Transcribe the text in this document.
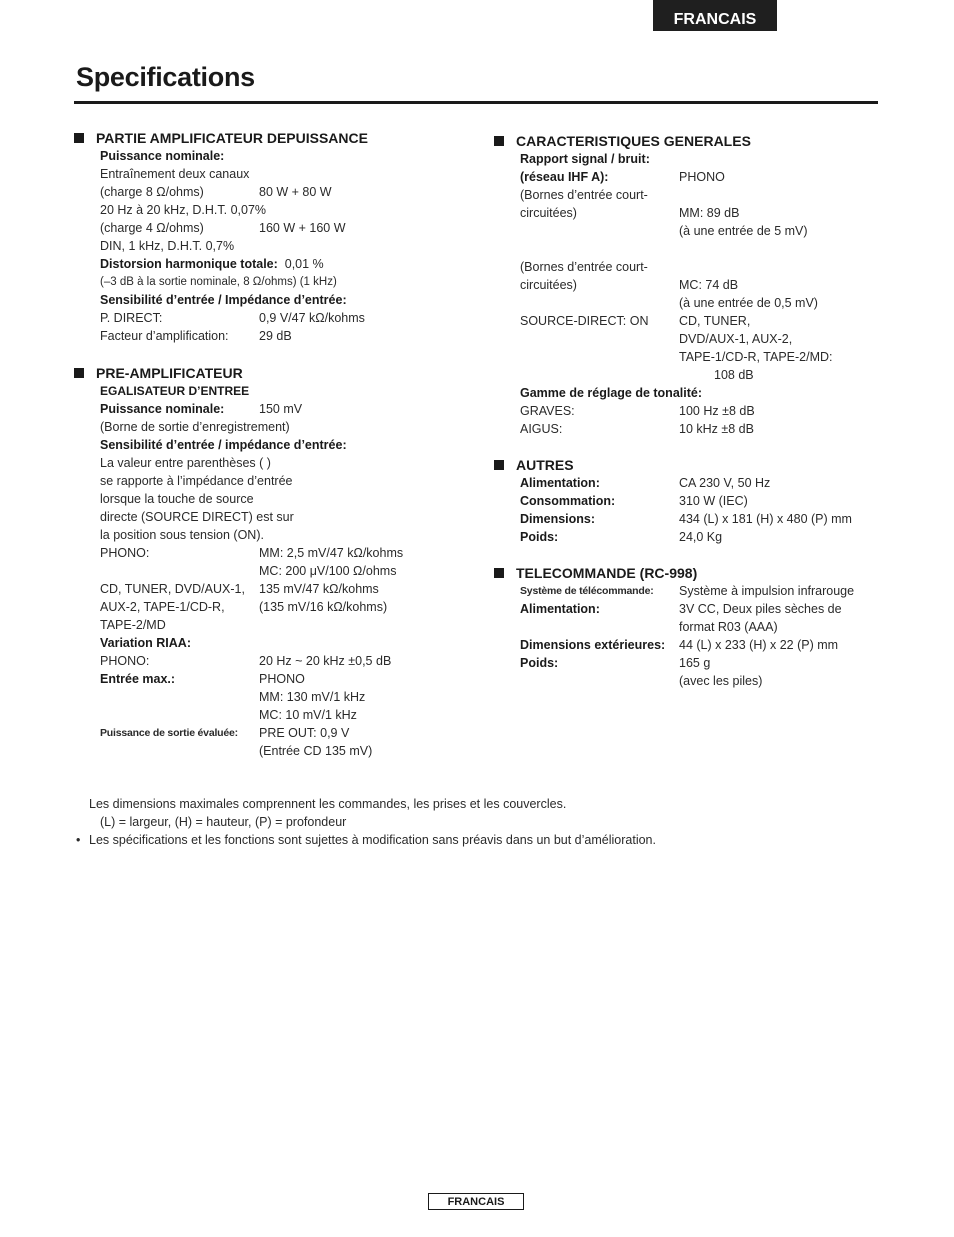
FRANCAIS
Specifications
PARTIE AMPLIFICATEUR DEPUISSANCE
Puissance nominale:
Entraînement deux canaux
(charge 8 Ω/ohms)	80 W + 80 W
20 Hz à 20 kHz, D.H.T. 0,07%
(charge 4 Ω/ohms)	160 W + 160 W
DIN, 1 kHz, D.H.T. 0,7%
Distorsion harmonique totale: 0,01 %
(–3 dB à la sortie nominale, 8 Ω/ohms) (1 kHz)
Sensibilité d’entrée / Impédance d’entrée:
P. DIRECT:	0,9 V/47 kΩ/kohms
Facteur d’amplification:	29 dB
PRE-AMPLIFICATEUR
EGALISATEUR D’ENTREE
Puissance nominale:	150 mV
(Borne de sortie d’enregistrement)
Sensibilité d’entrée / impédance d’entrée:
La valeur entre parenthèses ( )
se rapporte à l’impédance d’entrée
lorsque la touche de source
directe (SOURCE DIRECT) est sur
la position sous tension (ON).
PHONO:	MM: 2,5 mV/47 kΩ/kohms
MC: 200 μV/100 Ω/ohms
CD, TUNER, DVD/AUX-1,	135 mV/47 kΩ/kohms
AUX-2, TAPE-1/CD-R,	(135 mV/16 kΩ/kohms)
TAPE-2/MD
Variation RIAA:
PHONO:	20 Hz ~ 20 kHz ±0,5 dB
Entrée max.:	PHONO
MM: 130 mV/1 kHz
MC: 10 mV/1 kHz
Puissance de sortie évaluée:	PRE OUT: 0,9 V
(Entrée CD 135 mV)
CARACTERISTIQUES GENERALES
Rapport signal / bruit:
(réseau IHF A):	PHONO
(Bornes d’entrée court-
circuitées)	MM: 89 dB
(à une entrée de 5 mV)
(Bornes d’entrée court-
circuitées)	MC: 74 dB
(à une entrée de 0,5 mV)
SOURCE-DIRECT: ON	CD, TUNER,
DVD/AUX-1, AUX-2,
TAPE-1/CD-R, TAPE-2/MD:
108 dB
Gamme de réglage de tonalité:
GRAVES:	100 Hz ±8 dB
AIGUS:	10 kHz ±8 dB
AUTRES
Alimentation:	CA 230 V, 50 Hz
Consommation:	310 W (IEC)
Dimensions:	434 (L) x 181 (H) x 480 (P) mm
Poids:	24,0 Kg
TELECOMMANDE (RC-998)
Système de télécommande:	Système à impulsion infrarouge
Alimentation:	3V CC, Deux piles sèches de
format R03 (AAA)
Dimensions extérieures:	44 (L) x 233 (H) x 22 (P) mm
Poids:	165 g
(avec les piles)
Les dimensions maximales comprennent les commandes, les prises et les couvercles.
(L) = largeur, (H) = hauteur, (P) = profondeur
• Les spécifications et les fonctions sont sujettes à modification sans préavis dans un but d’amélioration.
FRANCAIS
